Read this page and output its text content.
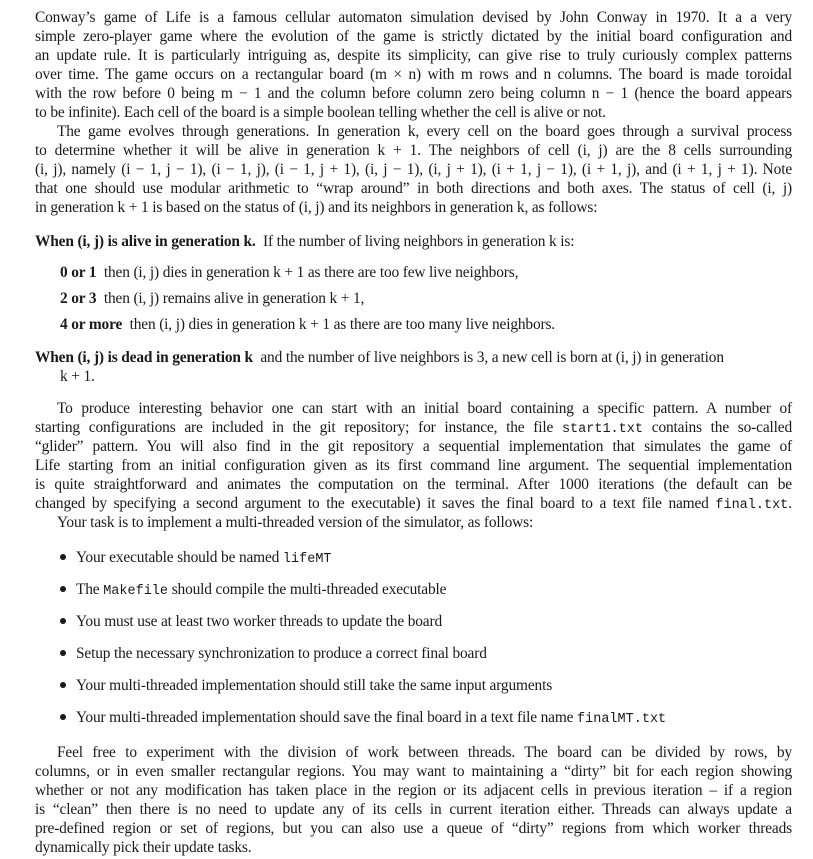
Conway’s game of Life is a famous cellular automaton simulation devised by John Conway in 1970. It a a very
simple zero-player game where the evolution of the game is strictly dictated by the initial board configuration and
an update rule. It is particularly intriguing as, despite its simplicity, can give rise to truly curiously complex patterns
over time. The game occurs on a rectangular board (m × n) with m rows and n columns. The board is made toroidal
with the row before 0 being m − 1 and the column before column zero being column n − 1 (hence the board appears
to be infinite). Each cell of the board is a simple boolean telling whether the cell is alive or not.
The game evolves through generations. In generation k, every cell on the board goes through a survival process
to determine whether it will be alive in generation k + 1. The neighbors of cell (i, j) are the 8 cells surrounding
(i, j), namely (i − 1, j − 1), (i − 1, j), (i − 1, j + 1), (i, j − 1), (i, j + 1), (i + 1, j − 1), (i + 1, j), and (i + 1, j + 1). Note
that one should use modular arithmetic to “wrap around” in both directions and both axes. The status of cell (i, j)
in generation k + 1 is based on the status of (i, j) and its neighbors in generation k, as follows:
When (i, j) is alive in generation k. If the number of living neighbors in generation k is:
0 or 1 then (i, j) dies in generation k + 1 as there are too few live neighbors,
2 or 3 then (i, j) remains alive in generation k + 1,
4 or more then (i, j) dies in generation k + 1 as there are too many live neighbors.
When (i, j) is dead in generation k and the number of live neighbors is 3, a new cell is born at (i, j) in generation
k + 1.
To produce interesting behavior one can start with an initial board containing a specific pattern. A number of
starting configurations are included in the git repository; for instance, the file start1.txt contains the so-called
“glider” pattern. You will also find in the git repository a sequential implementation that simulates the game of
Life starting from an initial configuration given as its first command line argument. The sequential implementation
is quite straightforward and animates the computation on the terminal. After 1000 iterations (the default can be
changed by specifying a second argument to the executable) it saves the final board to a text file named final.txt.
Your task is to implement a multi-threaded version of the simulator, as follows:
Your executable should be named lifeMT
The Makefile should compile the multi-threaded executable
You must use at least two worker threads to update the board
Setup the necessary synchronization to produce a correct final board
Your multi-threaded implementation should still take the same input arguments
Your multi-threaded implementation should save the final board in a text file name finalMT.txt
Feel free to experiment with the division of work between threads. The board can be divided by rows, by
columns, or in even smaller rectangular regions. You may want to maintaining a “dirty” bit for each region showing
whether or not any modification has taken place in the region or its adjacent cells in previous iteration – if a region
is “clean” then there is no need to update any of its cells in current iteration either. Threads can always update a
pre-defined region or set of regions, but you can also use a queue of “dirty” regions from which worker threads
dynamically pick their update tasks.
